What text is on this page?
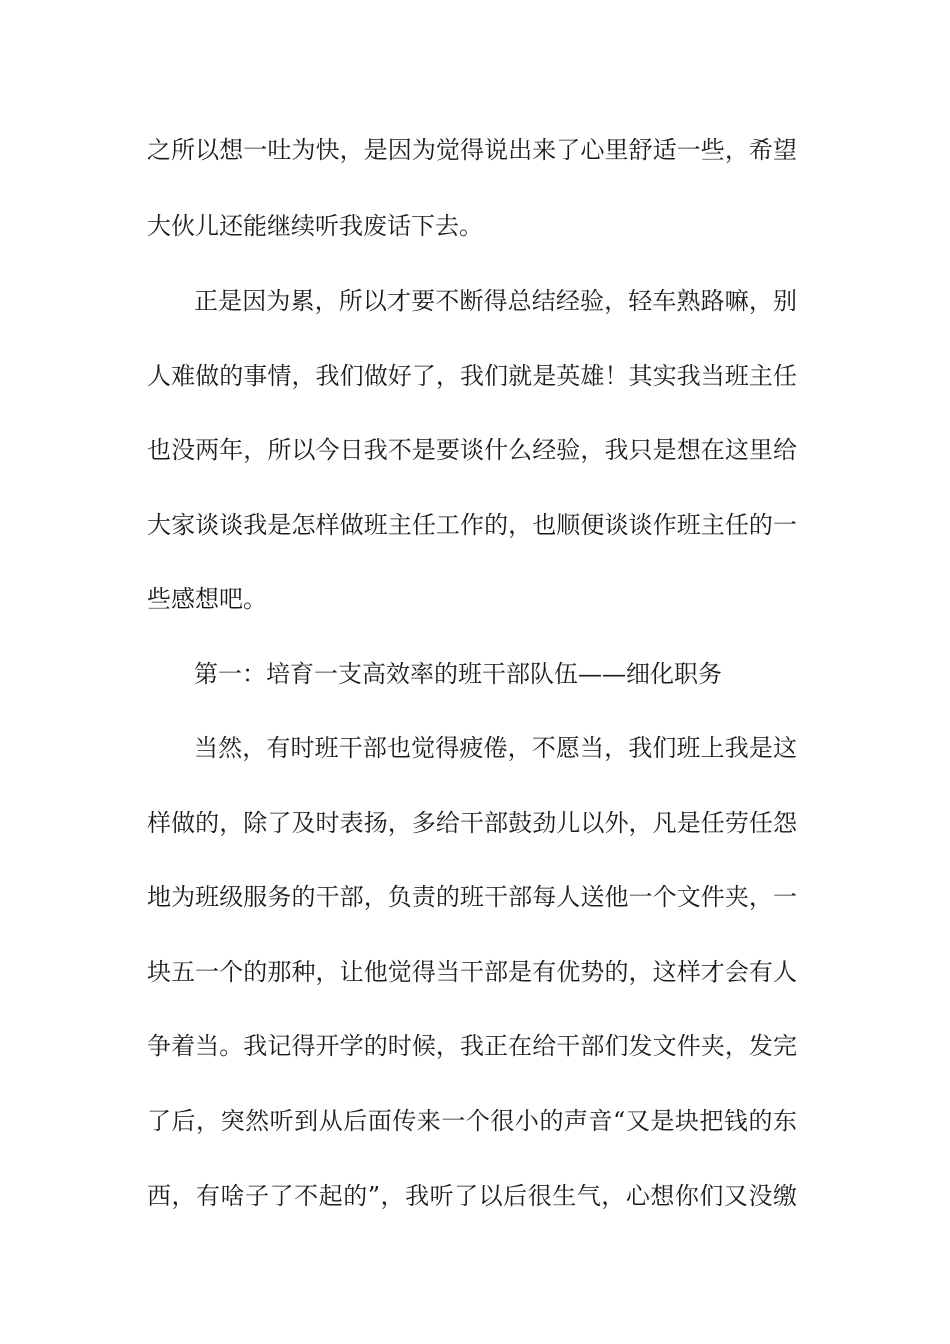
之所以想一吐为快，是因为觉得说出来了心里舒适一些，希望
大伙儿还能继续听我废话下去。
正是因为累，所以才要不断得总结经验，轻车熟路嘛，别
人难做的事情，我们做好了，我们就是英雄！其实我当班主任
也没两年，所以今日我不是要谈什么经验，我只是想在这里给
大家谈谈我是怎样做班主任工作的，也顺便谈谈作班主任的一
些感想吧。
第一：培育一支高效率的班干部队伍——细化职务
当然，有时班干部也觉得疲倦，不愿当，我们班上我是这
样做的，除了及时表扬，多给干部鼓劲儿以外，凡是任劳任怨
地为班级服务的干部，负责的班干部每人送他一个文件夹，一
块五一个的那种，让他觉得当干部是有优势的，这样才会有人
争着当。我记得开学的时候，我正在给干部们发文件夹，发完
了后，突然听到从后面传来一个很小的声音“又是块把钱的东
西，有啥子了不起的”，我听了以后很生气，心想你们又没缴
